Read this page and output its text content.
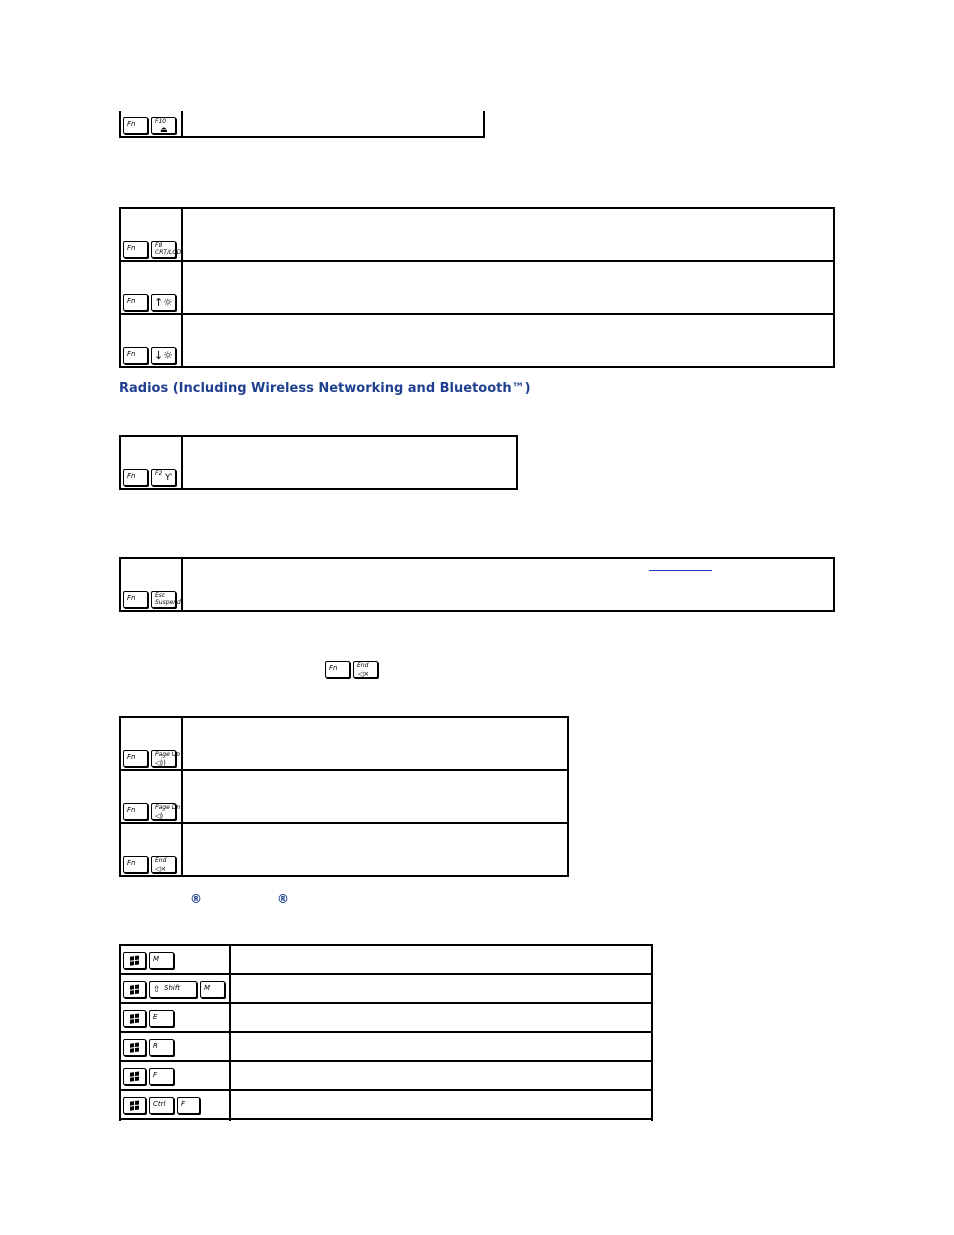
Fn	F10
⏏

Fn F8
CRT/LCD	

Fn ↑ ☼	

Fn ↓ ☼	

Radios (Including Wireless Networking and Bluetooth™)
Fn	F2 Ƴ

Fn	Esc
Suspend

Fn	End
◁×
Fn Page Up
◁))	

Fn Page Dn
◁)	

Fn End
◁×	

®	®
M	

⇧ Shift M	

E	

R	

F	

Ctrl F	
